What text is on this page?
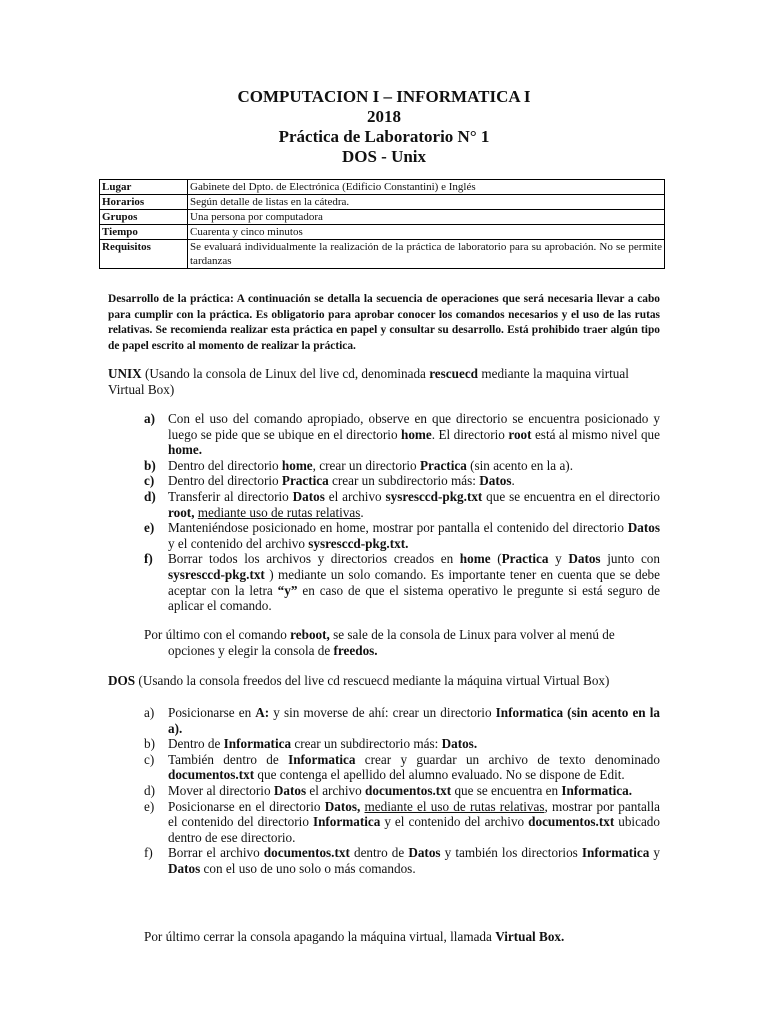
COMPUTACION I – INFORMATICA I
2018
Práctica de Laboratorio N° 1
DOS - Unix
Lugar	Gabinete del Dpto. de Electrónica (Edificio Constantini) e Inglés
Horarios	Según detalle de listas en la cátedra.
Grupos	Una persona por computadora
Tiempo	Cuarenta y cinco minutos
Requisitos	Se evaluará individualmente la realización de la práctica de laboratorio para su aprobación. No se permite tardanzas
Desarrollo de la práctica: A continuación se detalla la secuencia de operaciones que será necesaria llevar a cabo para cumplir con la práctica. Es obligatorio para aprobar conocer los comandos necesarios y el uso de las rutas relativas. Se recomienda realizar esta práctica en papel y consultar su desarrollo. Está prohibido traer algún tipo de papel escrito al momento de realizar la práctica.
UNIX (Usando la consola de Linux del live cd, denominada rescuecd mediante la maquina virtual Virtual Box)
a) Con el uso del comando apropiado, observe en que directorio se encuentra posicionado y luego se pide que se ubique en el directorio home. El directorio root está al mismo nivel que home.
b) Dentro del directorio home, crear un directorio Practica (sin acento en la a).
c)	Dentro del directorio Practica crear un subdirectorio más: Datos.
d) Transferir al directorio Datos el archivo sysresccd-pkg.txt que se encuentra en el directorio root, mediante uso de rutas relativas.
e)	Manteniéndose posicionado en home, mostrar por pantalla el contenido del directorio Datos y el contenido del archivo sysresccd-pkg.txt.
f)	Borrar todos los archivos y directorios creados en home (Practica y Datos junto con sysresccd-pkg.txt ) mediante un solo comando. Es importante tener en cuenta que se debe aceptar con la letra “y” en caso de que el sistema operativo le pregunte si está seguro de aplicar el comando.
Por último con el comando reboot, se sale de la consola de Linux para volver al menú de
opciones y elegir la consola de freedos.
DOS (Usando la consola freedos del live cd rescuecd mediante la máquina virtual Virtual Box)
a)	Posicionarse en A: y sin moverse de ahí: crear un directorio Informatica (sin acento en la a).
b) Dentro de Informatica crear un subdirectorio más: Datos.
c)	También dentro de Informatica crear y guardar un archivo de texto denominado documentos.txt que contenga el apellido del alumno evaluado. No se dispone de Edit.
d) Mover al directorio Datos el archivo documentos.txt que se encuentra en Informatica.
e)	Posicionarse en el directorio Datos, mediante el uso de rutas relativas, mostrar por pantalla el contenido del directorio Informatica y el contenido del archivo documentos.txt ubicado dentro de ese directorio.
f)	Borrar el archivo documentos.txt dentro de Datos y también los directorios Informatica y Datos con el uso de uno solo o más comandos.
Por último cerrar la consola apagando la máquina virtual, llamada Virtual Box.
